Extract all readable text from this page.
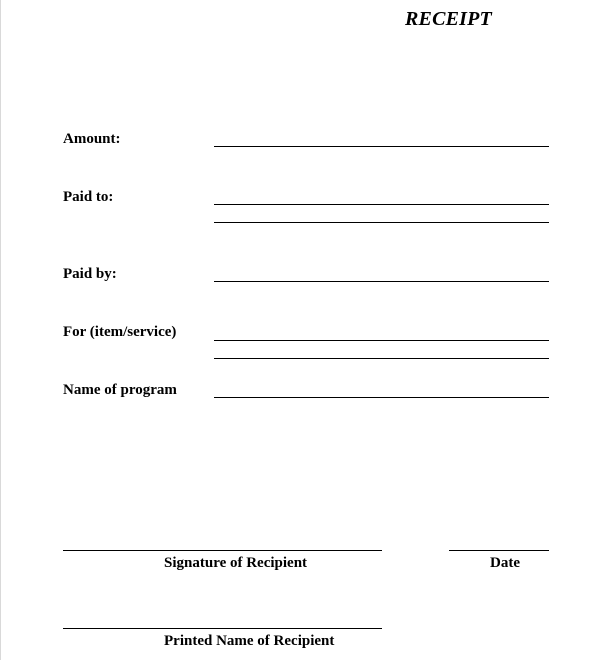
RECEIPT
Amount:
Paid to:
Paid by:
For (item/service)
Name of program
Signature of Recipient	Date
Printed Name of Recipient
